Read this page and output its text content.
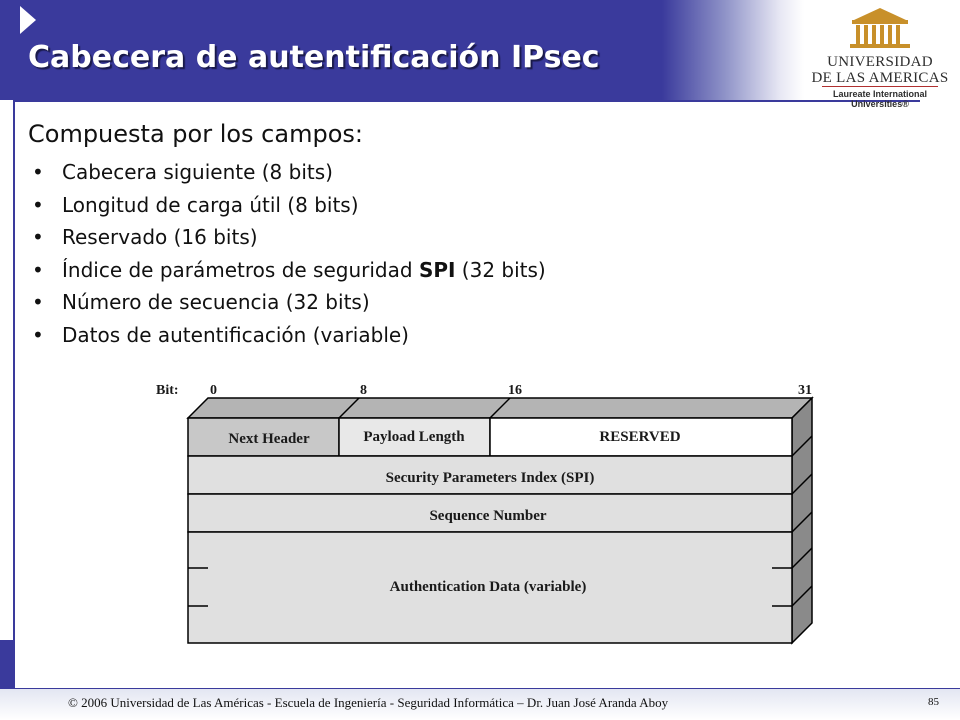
Cabecera de autentificación IPsec	UNIVERSIDAD
DE LAS AMERICAS
Laureate International Universities®

Compuesta por los campos:

• Cabecera siguiente (8 bits)
• Longitud de carga útil (8 bits)
• Reservado (16 bits)
• Índice de parámetros de seguridad SPI (32 bits)
• Número de secuencia (32 bits)
• Datos de autentificación (variable)
Bit: 0	8	16	31
Next Header	Payload Length	RESERVED
Security Parameters Index (SPI)
Sequence Number
Authentication Data (variable)
© 2006 Universidad de Las Américas - Escuela de Ingeniería - Seguridad Informática – Dr. Juan José Aranda Aboy	85
